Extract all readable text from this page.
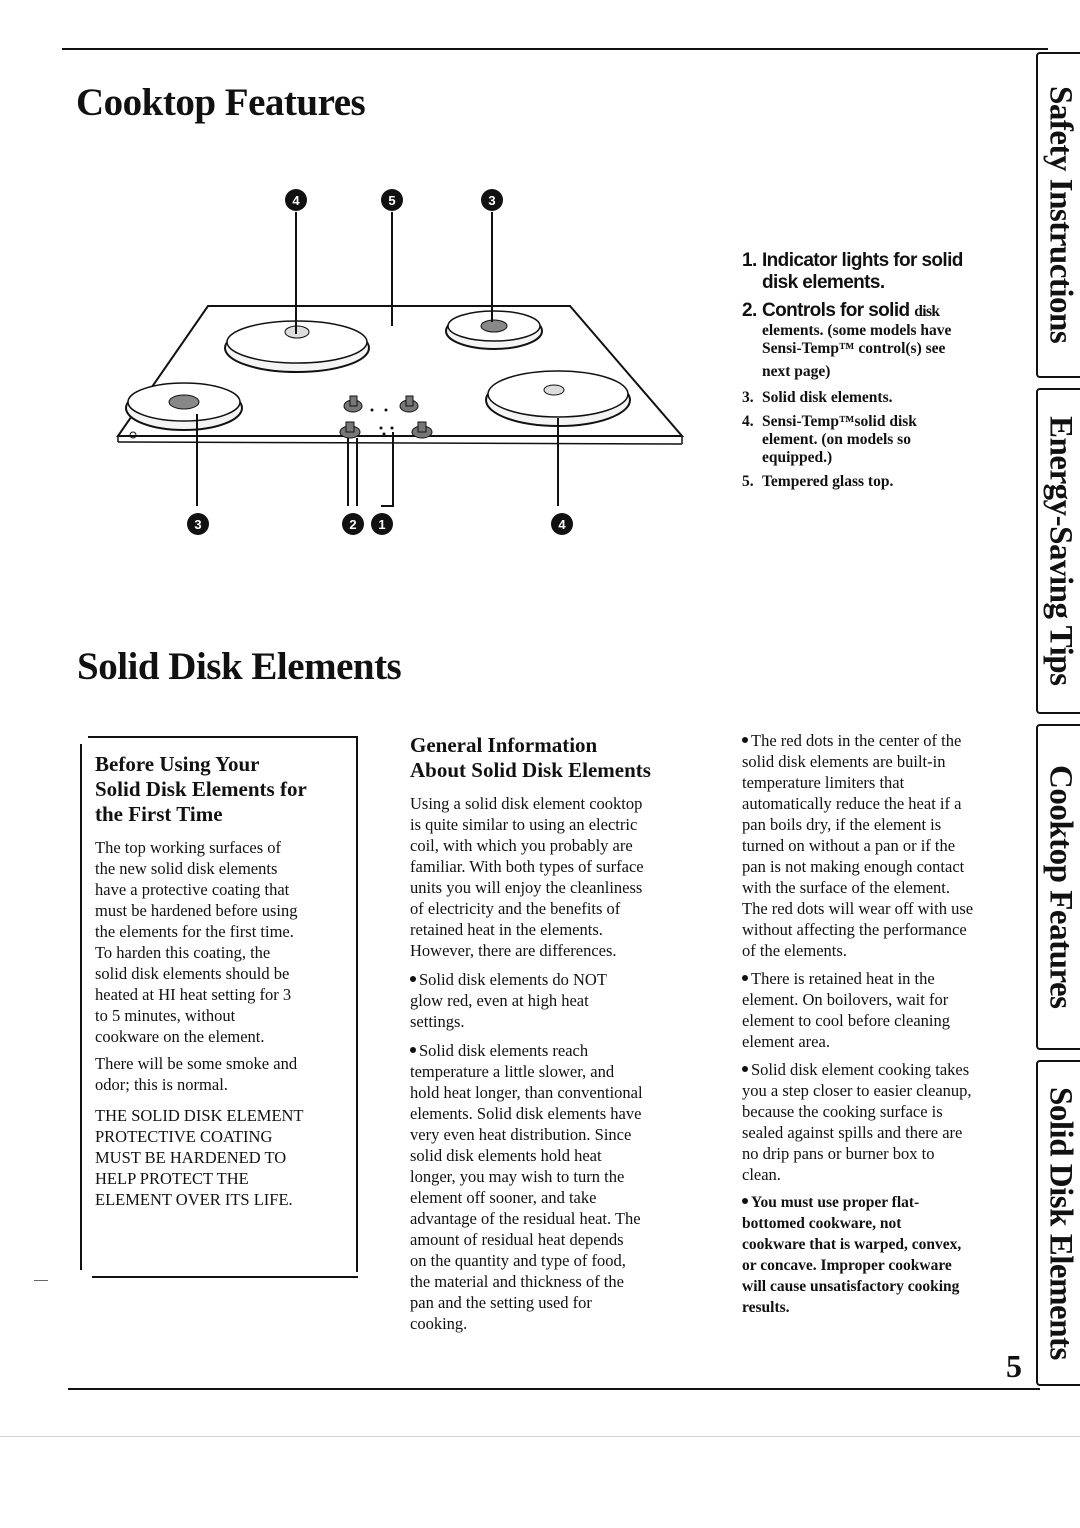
Safety Instructions
Energy-Saving Tips
Cooktop Features
Solid Disk Elements
Cooktop Features
4	5	3
3	2 1	4
1. Indicator lights for solid
disk elements.
2. Controls for solid disk
elements. (some models have
Sensi-Temp™ control(s) see
next page)
3. Solid disk elements.
4. Sensi-Temp™solid disk
element. (on models so
equipped.)
5. Tempered glass top.
Solid Disk Elements
Before Using Your
Solid Disk Elements for
the First Time
The top working surfaces of
the new solid disk elements
have a protective coating that
must be hardened before using
the elements for the first time.
To harden this coating, the
solid disk elements should be
heated at HI heat setting for 3
to 5 minutes, without
cookware on the element.
There will be some smoke and
odor; this is normal.
THE SOLID DISK ELEMENT
PROTECTIVE COATING
MUST BE HARDENED TO
HELP PROTECT THE
ELEMENT OVER ITS LIFE.
General Information
About Solid Disk Elements
Using a solid disk element cooktop
is quite similar to using an electric
coil, with which you probably are
familiar. With both types of surface
units you will enjoy the cleanliness
of electricity and the benefits of
retained heat in the elements.
However, there are differences.
Solid disk elements do NOT
glow red, even at high heat
settings.
Solid disk elements reach
temperature a little slower, and
hold heat longer, than conventional
elements. Solid disk elements have
very even heat distribution. Since
solid disk elements hold heat
longer, you may wish to turn the
element off sooner, and take
advantage of the residual heat. The
amount of residual heat depends
on the quantity and type of food,
the material and thickness of the
pan and the setting used for
cooking.
The red dots in the center of the
solid disk elements are built-in
temperature limiters that
automatically reduce the heat if a
pan boils dry, if the element is
turned on without a pan or if the
pan is not making enough contact
with the surface of the element.
The red dots will wear off with use
without affecting the performance
of the elements.
There is retained heat in the
element. On boilovers, wait for
element to cool before cleaning
element area.
Solid disk element cooking takes
you a step closer to easier cleanup,
because the cooking surface is
sealed against spills and there are
no drip pans or burner box to
clean.
You must use proper flat-
bottomed cookware, not
cookware that is warped, convex,
or concave. Improper cookware
will cause unsatisfactory cooking
results.
5
